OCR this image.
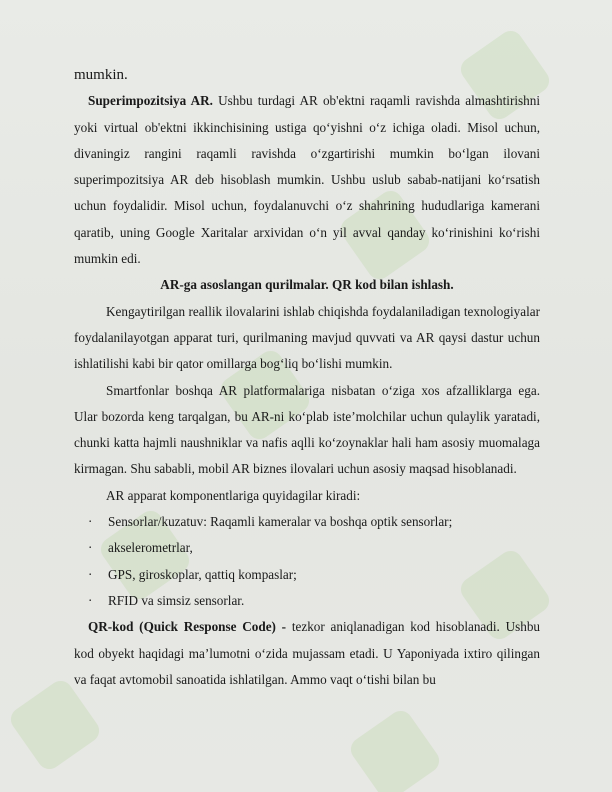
mumkin.

Superimpozitsiya AR. Ushbu turdagi AR ob'ektni raqamli ravishda almashtirishni yoki virtual ob'ektni ikkinchisining ustiga qo‘yishni o‘z ichiga oladi. Misol uchun, divaningiz rangini raqamli ravishda o‘zgartirishi mumkin bo‘lgan ilovani superimpozitsiya AR deb hisoblash mumkin. Ushbu uslub sabab-natijani ko‘rsatish uchun foydalidir. Misol uchun, foydalanuvchi o‘z shahrining hududlariga kamerani qaratib, uning Google Xaritalar arxividan o‘n yil avval qanday ko‘rinishini ko‘rishi mumkin edi.

AR-ga asoslangan qurilmalar. QR kod bilan ishlash.

Kengaytirilgan reallik ilovalarini ishlab chiqishda foydalaniladigan texnologiyalar foydalanilayotgan apparat turi, qurilmaning mavjud quvvati va AR qaysi dastur uchun ishlatilishi kabi bir qator omillarga bog‘liq bo‘lishi mumkin.

Smartfonlar boshqa AR platformalariga nisbatan o‘ziga xos afzalliklarga ega. Ular bozorda keng tarqalgan, bu AR-ni ko‘plab iste’molchilar uchun qulaylik yaratadi, chunki katta hajmli naushniklar va nafis aqlli ko‘zoynaklar hali ham asosiy muomalaga kirmagan. Shu sababli, mobil AR biznes ilovalari uchun asosiy maqsad hisoblanadi.

AR apparat komponentlariga quyidagilar kiradi:

· Sensorlar/kuzatuv: Raqamli kameralar va boshqa optik sensorlar;
· akselerometrlar,
· GPS, giroskoplar, qattiq kompaslar;
· RFID va simsiz sensorlar.

QR-kod (Quick Response Code) - tezkor aniqlanadigan kod hisoblanadi. Ushbu kod obyekt haqidagi ma’lumotni o‘zida mujassam etadi. U Yaponiyada ixtiro qilingan va faqat avtomobil sanoatida ishlatilgan. Ammo vaqt o‘tishi bilan bu
